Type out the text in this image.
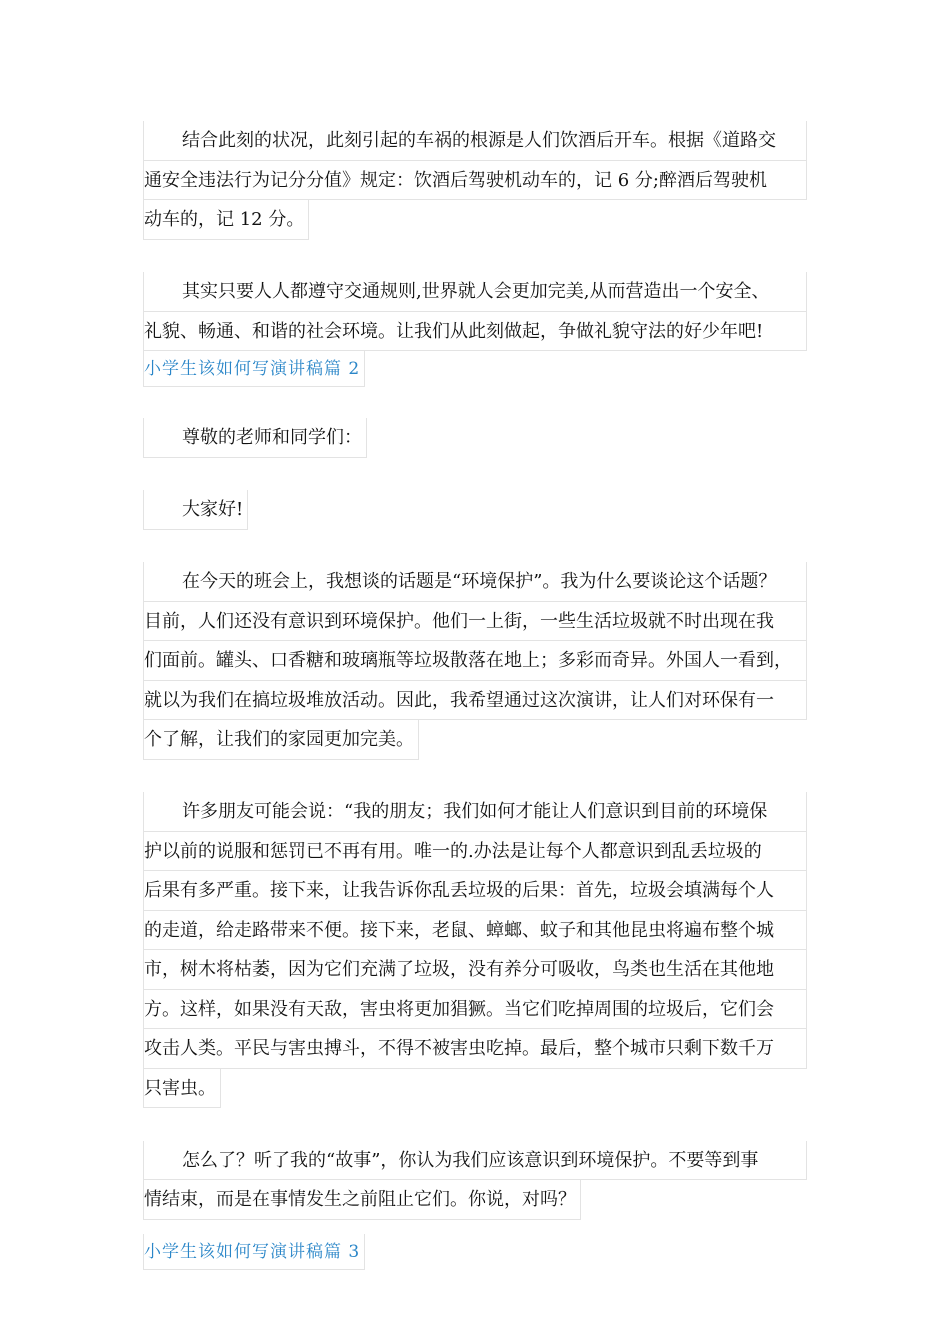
结合此刻的状况，此刻引起的车祸的根源是人们饮酒后开车。根据《道路交
通安全违法行为记分分值》规定：饮酒后驾驶机动车的，记 6 分;醉酒后驾驶机
动车的，记 12 分。
其实只要人人都遵守交通规则,世界就人会更加完美,从而营造出一个安全、
礼貌、畅通、和谐的社会环境。让我们从此刻做起，争做礼貌守法的好少年吧!
小学生该如何写演讲稿篇 2
尊敬的老师和同学们：
大家好!
在今天的班会上，我想谈的话题是“环境保护”。我为什么要谈论这个话题？
目前，人们还没有意识到环境保护。他们一上街，一些生活垃圾就不时出现在我
们面前。罐头、口香糖和玻璃瓶等垃圾散落在地上；多彩而奇异。外国人一看到，
就以为我们在搞垃圾堆放活动。因此，我希望通过这次演讲，让人们对环保有一
个了解，让我们的家园更加完美。
许多朋友可能会说：“我的朋友；我们如何才能让人们意识到目前的环境保
护以前的说服和惩罚已不再有用。唯一的.办法是让每个人都意识到乱丢垃圾的
后果有多严重。接下来，让我告诉你乱丢垃圾的后果：首先，垃圾会填满每个人
的走道，给走路带来不便。接下来，老鼠、蟑螂、蚊子和其他昆虫将遍布整个城
市，树木将枯萎，因为它们充满了垃圾，没有养分可吸收，鸟类也生活在其他地
方。这样，如果没有天敌，害虫将更加猖獗。当它们吃掉周围的垃圾后，它们会
攻击人类。平民与害虫搏斗，不得不被害虫吃掉。最后，整个城市只剩下数千万
只害虫。
怎么了？听了我的“故事”，你认为我们应该意识到环境保护。不要等到事
情结束，而是在事情发生之前阻止它们。你说，对吗？
小学生该如何写演讲稿篇 3
